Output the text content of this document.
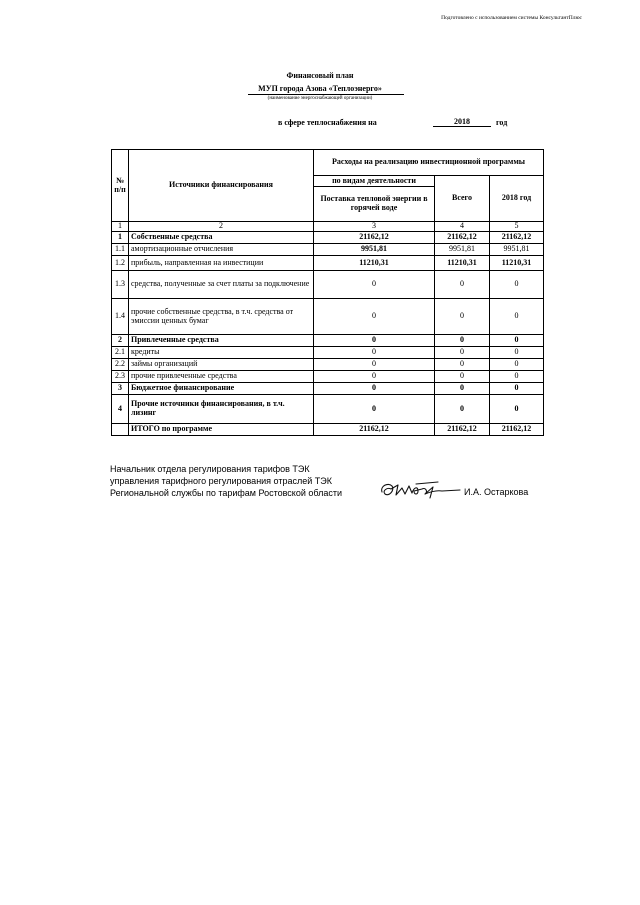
Подготовлено с использованием системы КонсультантПлюс
Финансовый план
МУП города Азова «Теплоэнерго»
(наименование энергоснабжающей организации)
в сфере теплоснабжения на	2018	год
№ п/п	Источники финансирования	Расходы на реализацию инвестиционной программы		
		по видам деятельности	Всего	2018 год
		Поставка тепловой энергии в горячей воде		
1	2	3	4	5
1	Собственные средства	21162,12	21162,12	21162,12
1.1	амортизационные отчисления	9951,81	9951,81	9951,81
1.2	прибыль, направленная на инвестиции	11210,31	11210,31	11210,31
1.3	средства, полученные за счет платы за подключение	0	0	0
1.4	прочие собственные средства, в т.ч. средства от эмиссии ценных бумаг	0	0	0
2	Привлеченные средства	0	0	0
2.1	кредиты	0	0	0
2.2	займы организаций	0	0	0
2.3	прочие привлеченные средства	0	0	0
3	Бюджетное финансирование	0	0	0
4	Прочие источники финансирования, в т.ч. лизинг	0	0	0
	ИТОГО по программе	21162,12	21162,12	21162,12
Начальник отдела регулирования тарифов ТЭК
управления тарифного регулирования отраслей ТЭК
Региональной службы по тарифам Ростовской области	И.А. Остаркова
